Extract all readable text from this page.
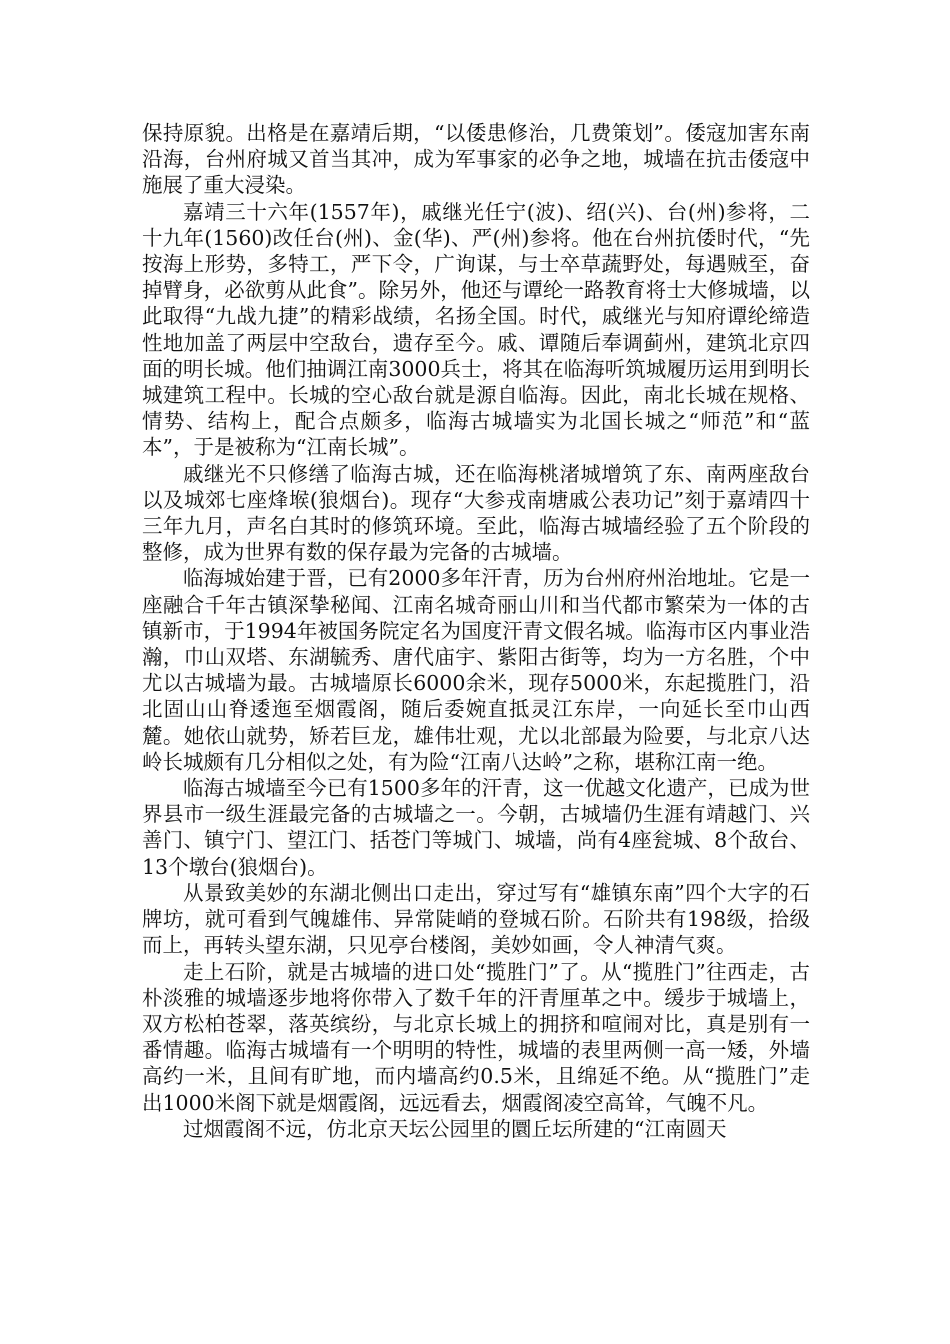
保持原貌。出格是在嘉靖后期，“以倭患修治，几费策划”。倭寇加害东南沿海，台州府城又首当其冲，成为军事家的必争之地，城墙在抗击倭寇中施展了重大浸染。

嘉靖三十六年(1557年)，戚继光任宁(波)、绍(兴)、台(州)参将，二十九年(1560)改任台(州)、金(华)、严(州)参将。他在台州抗倭时代，“先按海上形势，多特工，严下令，广询谋，与士卒草蔬野处，每遇贼至，奋掉臂身，必欲剪从此食”。除另外，他还与谭纶一路教育将士大修城墙，以此取得“九战九捷”的精彩战绩，名扬全国。时代，戚继光与知府谭纶缔造性地加盖了两层中空敌台，遗存至今。戚、谭随后奉调蓟州，建筑北京四面的明长城。他们抽调江南3000兵士，将其在临海听筑城履历运用到明长城建筑工程中。长城的空心敌台就是源自临海。因此，南北长城在规格、情势、结构上，配合点颇多，临海古城墙实为北国长城之“师范”和“蓝本”，于是被称为“江南长城”。

戚继光不只修缮了临海古城，还在临海桃渚城增筑了东、南两座敌台以及城郊七座烽堠(狼烟台)。现存“大参戎南塘戚公表功记”刻于嘉靖四十三年九月，声名白其时的修筑环境。至此，临海古城墙经验了五个阶段的整修，成为世界有数的保存最为完备的古城墙。

临海城始建于晋，已有2000多年汗青，历为台州府州治地址。它是一座融合千年古镇深挚秘闻、江南名城奇丽山川和当代都市繁荣为一体的古镇新市，于1994年被国务院定名为国度汗青文假名城。临海市区内事业浩瀚，巾山双塔、东湖毓秀、唐代庙宇、紫阳古街等，均为一方名胜，个中尤以古城墙为最。古城墙原长6000余米，现存5000米，东起揽胜门，沿北固山山脊逶迤至烟霞阁，随后委婉直抵灵江东岸，一向延长至巾山西麓。她依山就势，矫若巨龙，雄伟壮观，尤以北部最为险要，与北京八达岭长城颇有几分相似之处，有为险“江南八达岭”之称，堪称江南一绝。

临海古城墙至今已有1500多年的汗青，这一优越文化遗产，已成为世界县市一级生涯最完备的古城墙之一。今朝，古城墙仍生涯有靖越门、兴善门、镇宁门、望江门、括苍门等城门、城墙，尚有4座瓮城、8个敌台、13个墩台(狼烟台)。

从景致美妙的东湖北侧出口走出，穿过写有“雄镇东南”四个大字的石牌坊，就可看到气魄雄伟、异常陡峭的登城石阶。石阶共有198级，拾级而上，再转头望东湖，只见亭台楼阁，美妙如画，令人神清气爽。

走上石阶，就是古城墙的进口处“揽胜门”了。从“揽胜门”往西走，古朴淡雅的城墙逐步地将你带入了数千年的汗青厘革之中。缓步于城墙上，双方松柏苍翠，落英缤纷，与北京长城上的拥挤和喧闹对比，真是别有一番情趣。临海古城墙有一个明明的特性，城墙的表里两侧一高一矮，外墙高约一米，且间有旷地，而内墙高约0.5米，且绵延不绝。从“揽胜门”走出1000米阁下就是烟霞阁，远远看去，烟霞阁凌空高耸，气魄不凡。

过烟霞阁不远，仿北京天坛公园里的圜丘坛所建的“江南圆天
